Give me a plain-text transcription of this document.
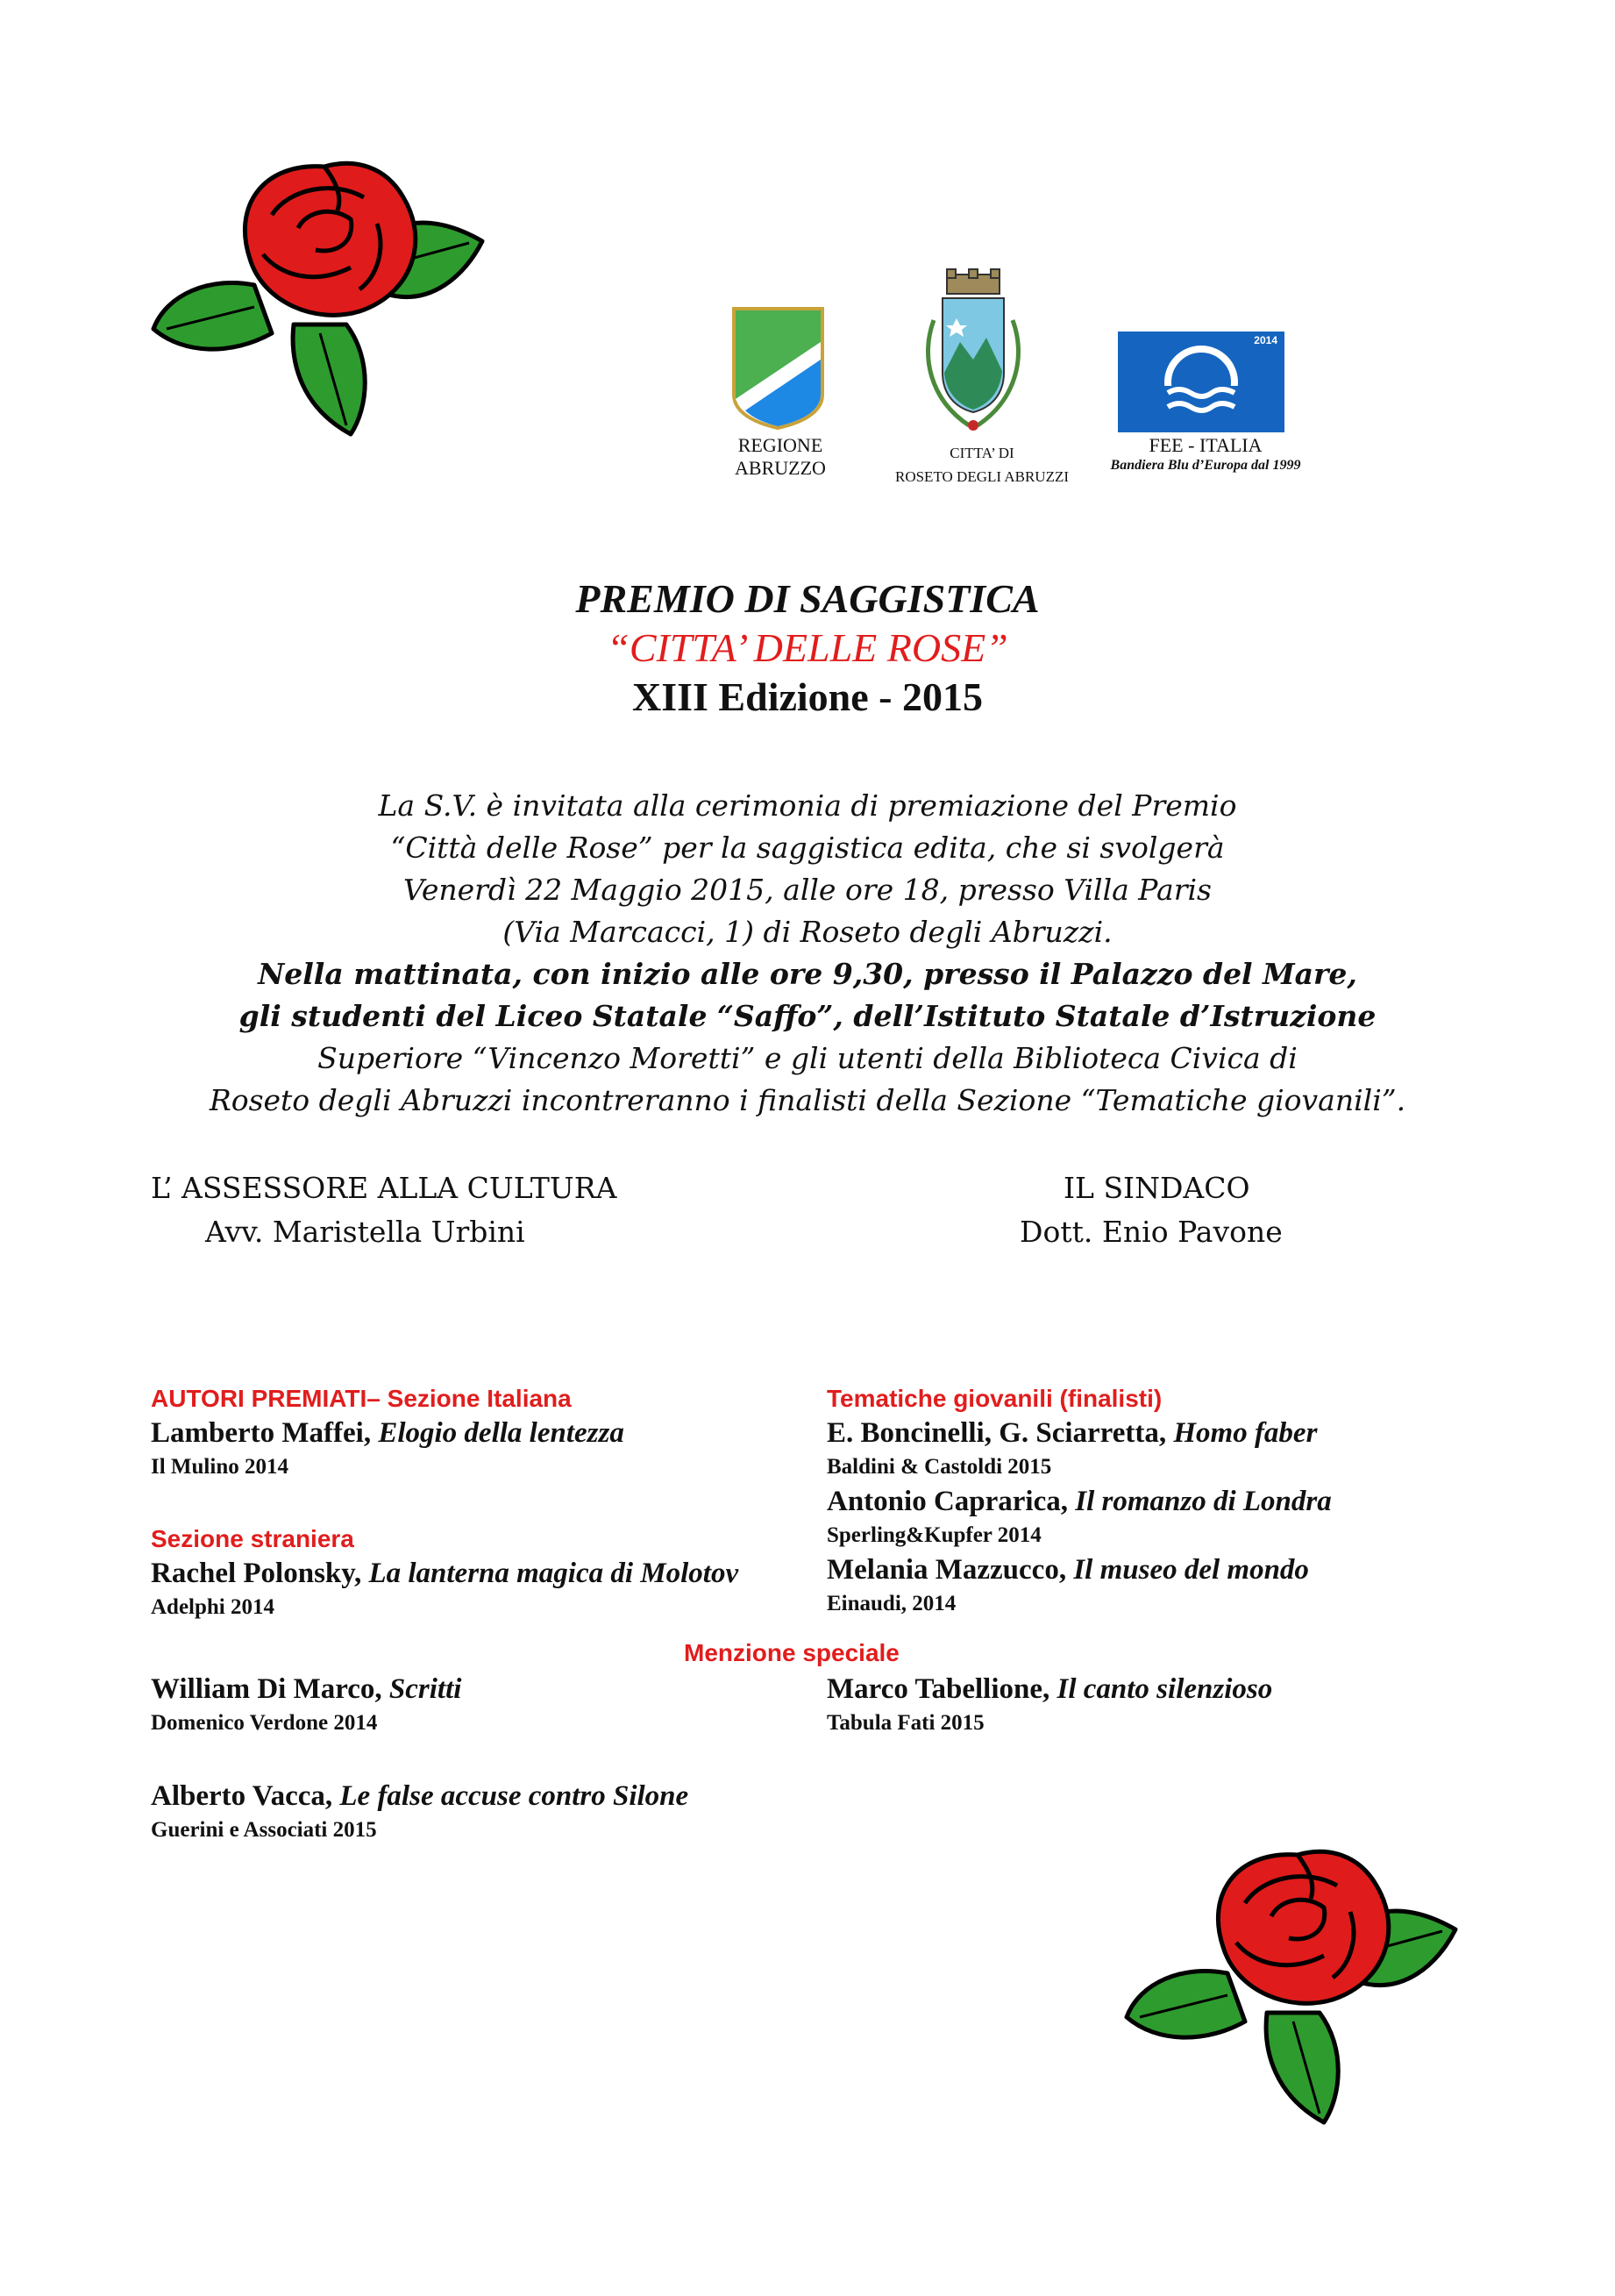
REGIONE
ABRUZZO
CITTA’ DI
ROSETO DEGLI ABRUZZI
2014
FEE - ITALIA
Bandiera Blu d’Europa dal 1999
PREMIO DI SAGGISTICA
“CITTA’ DELLE ROSE”
XIII Edizione - 2015
La S.V. è invitata alla cerimonia di premiazione del Premio
“Città delle Rose” per la saggistica edita, che si svolgerà
Venerdì 22 Maggio 2015, alle ore 18, presso Villa Paris
(Via Marcacci, 1) di Roseto degli Abruzzi.
Nella mattinata, con inizio alle ore 9,30, presso il Palazzo del Mare,
gli studenti del Liceo Statale “Saffo”, dell’Istituto Statale d’Istruzione
Superiore “Vincenzo Moretti” e gli utenti della Biblioteca Civica di
Roseto degli Abruzzi incontreranno i finalisti della Sezione “Tematiche giovanili”.
L’ ASSESSORE ALLA CULTURA
Avv. Maristella Urbini
IL SINDACO
Dott. Enio Pavone
AUTORI PREMIATI– Sezione Italiana
Lamberto Maffei, Elogio della lentezza
Il Mulino 2014
Sezione straniera
Rachel Polonsky, La lanterna magica di Molotov
Adelphi 2014
Menzione speciale
William Di Marco, Scritti
Domenico Verdone 2014
Alberto Vacca, Le false accuse contro Silone
Guerini e Associati 2015
Tematiche giovanili (finalisti)
E. Boncinelli, G. Sciarretta, Homo faber
Baldini & Castoldi 2015
Antonio Caprarica, Il romanzo di Londra
Sperling&Kupfer 2014
Melania Mazzucco, Il museo del mondo
Einaudi, 2014
Marco Tabellione, Il canto silenzioso
Tabula Fati 2015
